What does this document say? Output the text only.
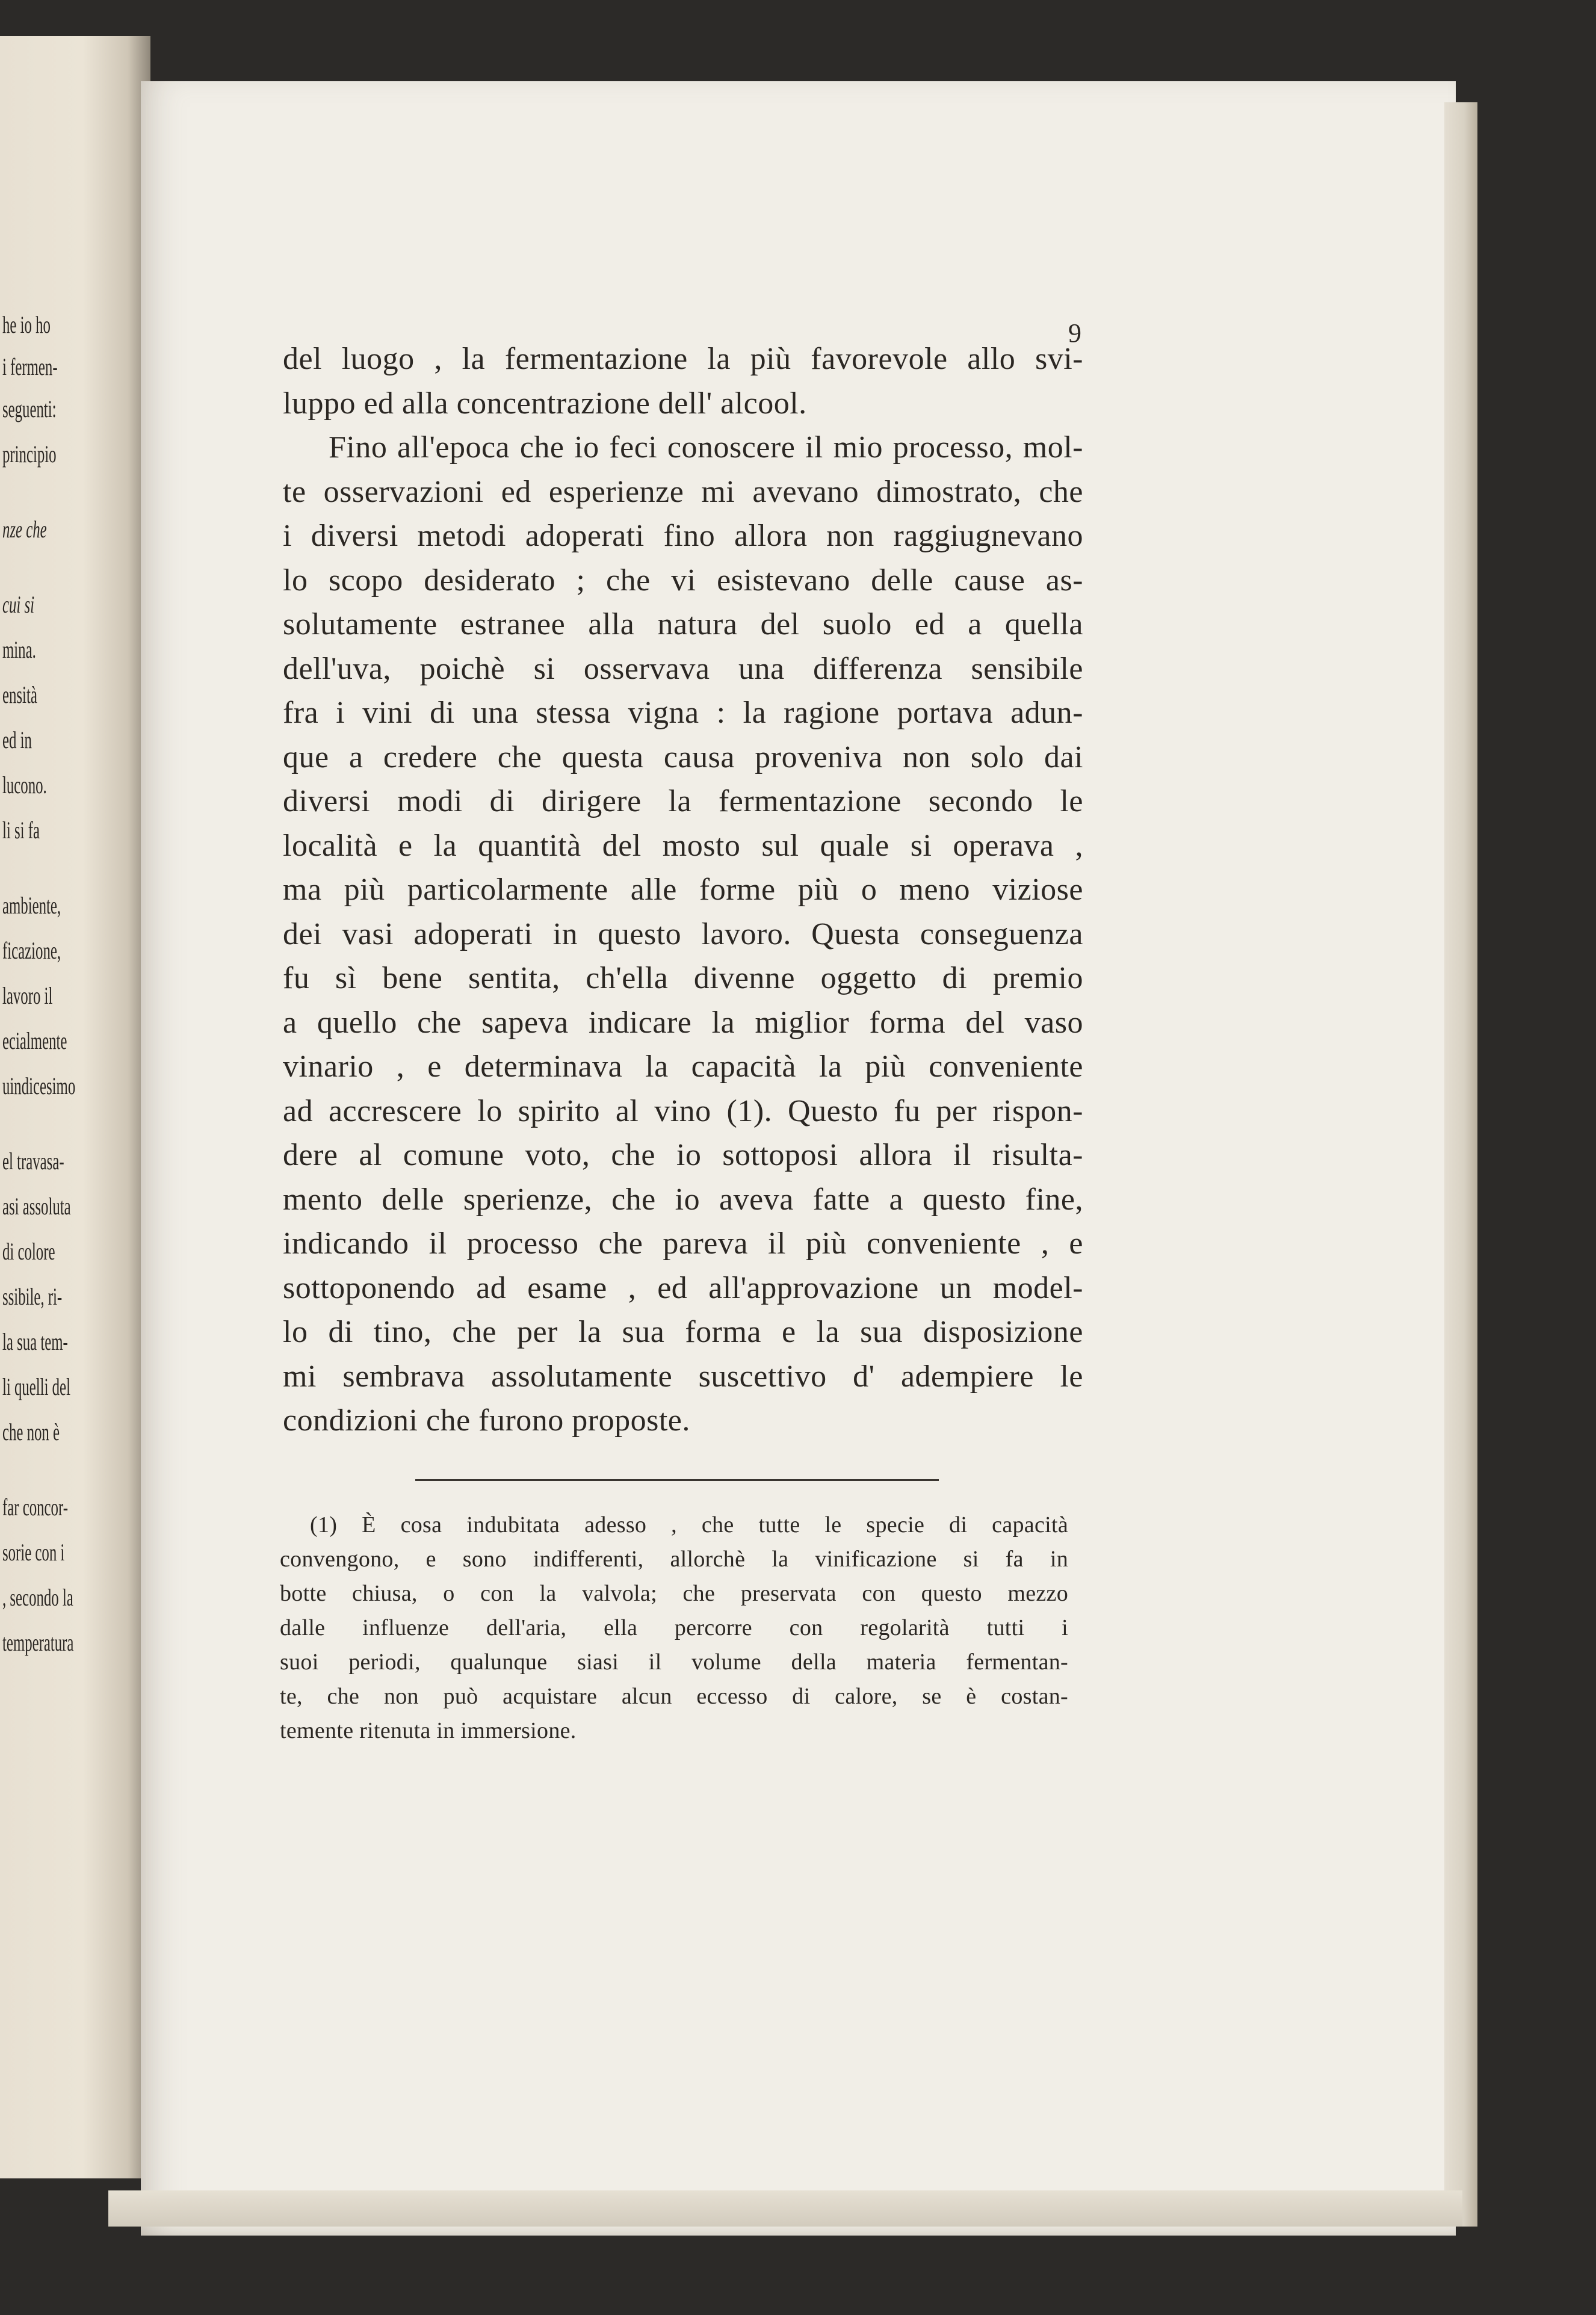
he io ho
i fermen-
seguenti:
principio
nze che
cui si
mina.
ensità
ed in
lucono.
li si fa
ambiente,
ficazione,
lavoro il
ecialmente
uindicesimo
el travasa-
asi assoluta
di colore
ssibile, ri-
la sua tem-
li quelli del
che non è
far concor-
sorie con i
, secondo la
temperatura
9
del luogo , la fermentazione la più favorevole allo svi-
luppo ed alla concentrazione dell' alcool.
Fino all'epoca che io feci conoscere il mio processo, mol-
te osservazioni ed esperienze mi avevano dimostrato, che
i diversi metodi adoperati fino allora non raggiugnevano
lo scopo desiderato ; che vi esistevano delle cause as-
solutamente estranee alla natura del suolo ed a quella
dell'uva, poichè si osservava una differenza sensibile
fra i vini di una stessa vigna : la ragione portava adun-
que a credere che questa causa proveniva non solo dai
diversi modi di dirigere la fermentazione secondo le
località e la quantità del mosto sul quale si operava ,
ma più particolarmente alle forme più o meno viziose
dei vasi adoperati in questo lavoro. Questa conseguenza
fu sì bene sentita, ch'ella divenne oggetto di premio
a quello che sapeva indicare la miglior forma del vaso
vinario , e determinava la capacità la più conveniente
ad accrescere lo spirito al vino (1). Questo fu per rispon-
dere al comune voto, che io sottoposi allora il risulta-
mento delle sperienze, che io aveva fatte a questo fine,
indicando il processo che pareva il più conveniente , e
sottoponendo ad esame , ed all'approvazione un model-
lo di tino, che per la sua forma e la sua disposizione
mi sembrava assolutamente suscettivo d' adempiere le
condizioni che furono proposte.
(1) È cosa indubitata adesso , che tutte le specie di capacità
convengono, e sono indifferenti, allorchè la vinificazione si fa in
botte chiusa, o con la valvola; che preservata con questo mezzo
dalle influenze dell'aria, ella percorre con regolarità tutti i
suoi periodi, qualunque siasi il volume della materia fermentan-
te, che non può acquistare alcun eccesso di calore, se è costan-
temente ritenuta in immersione.
